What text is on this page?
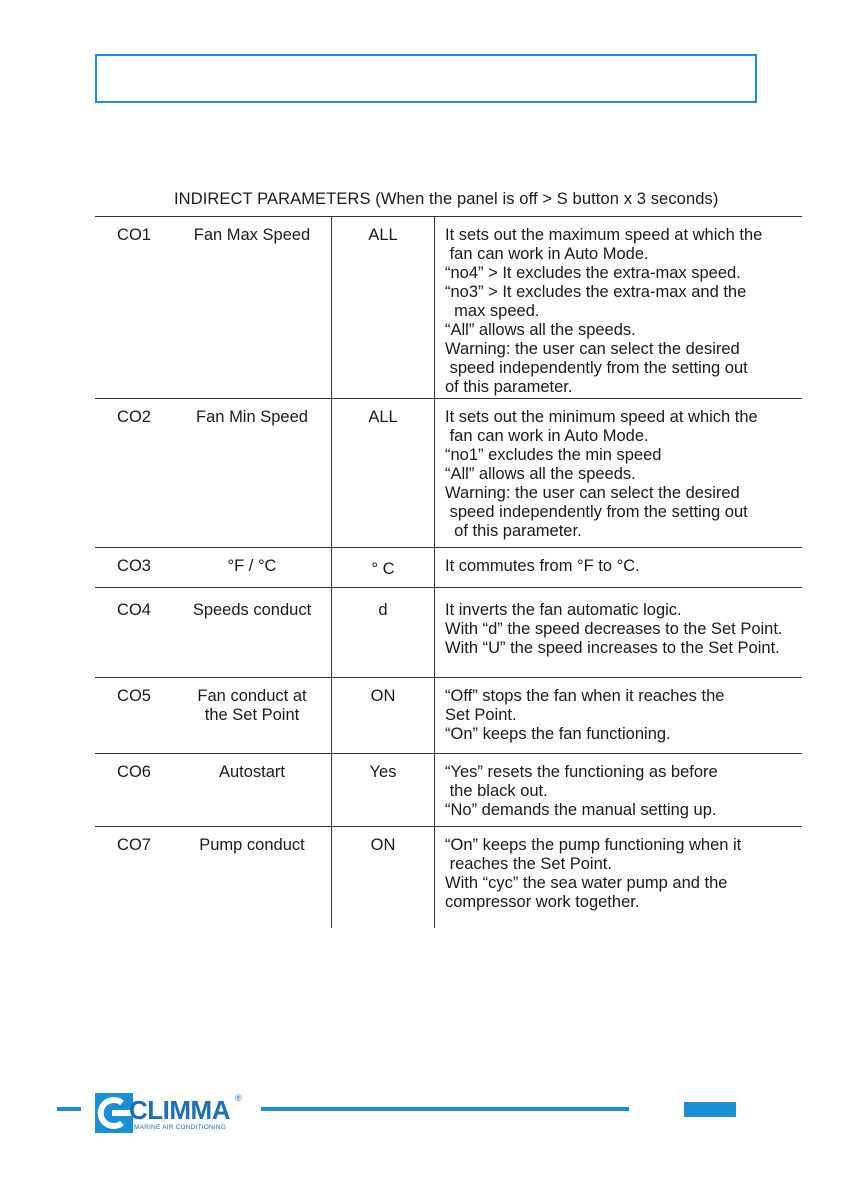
INDIRECT PARAMETERS (When the panel is off > S button x 3 seconds)
CO1	Fan Max Speed	ALL	It sets out the maximum speed at which the
fan can work in Auto Mode.
“no4” > It excludes the extra-max speed.
“no3” > It excludes the extra-max and the
max speed.
“All” allows all the speeds.
Warning: the user can select the desired
speed independently from the setting out
of this parameter.
CO2	Fan Min Speed	ALL	It sets out the minimum speed at which the
fan can work in Auto Mode.
“no1” excludes the min speed
“All” allows all the speeds.
Warning: the user can select the desired
speed independently from the setting out
of this parameter.
CO3	°F / °C	° C	It commutes from °F to °C.
CO4	Speeds conduct	d	It inverts the fan automatic logic.
With “d” the speed decreases to the Set Point.
With “U” the speed increases to the Set Point.
CO5	Fan conduct at
the Set Point
ON	“Off” stops the fan when it reaches the
Set Point.
“On” keeps the fan functioning.
CO6	Autostart	Yes	“Yes” resets the functioning as before
the black out.
“No” demands the manual setting up.
CO7	Pump conduct	ON	“On” keeps the pump functioning when it
reaches the Set Point.
With “cyc” the sea water pump and the
compressor work together.
CLIMMA ®
MARINE AIR CONDITIONING
